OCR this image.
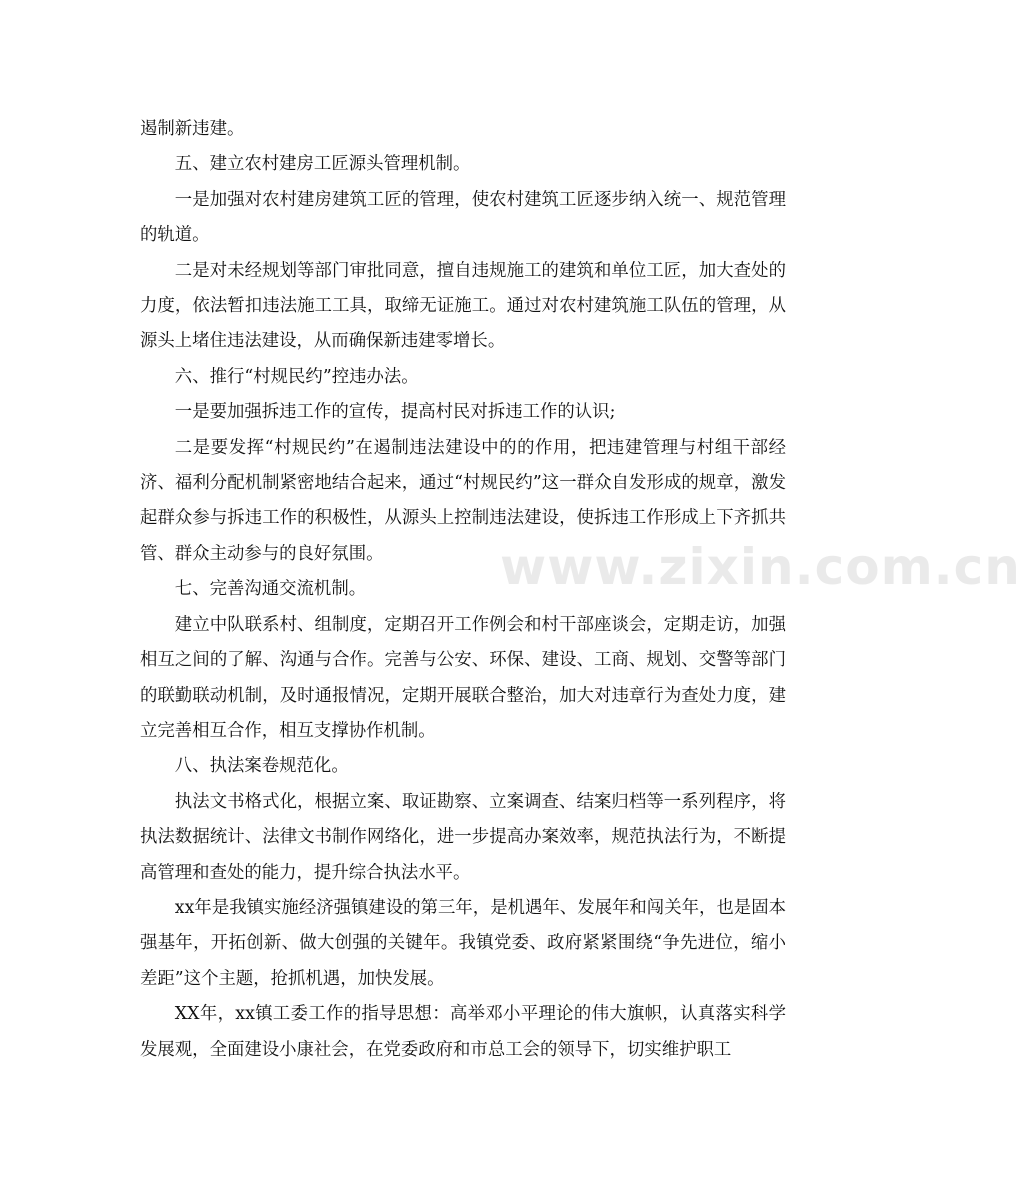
遏制新违建。

五、建立农村建房工匠源头管理机制。

一是加强对农村建房建筑工匠的管理，使农村建筑工匠逐步纳入统一、规范管理的轨道。

二是对未经规划等部门审批同意，擅自违规施工的建筑和单位工匠，加大查处的力度，依法暂扣违法施工工具，取缔无证施工。通过对农村建筑施工队伍的管理，从源头上堵住违法建设，从而确保新违建零增长。

六、推行“村规民约”控违办法。

一是要加强拆违工作的宣传，提高村民对拆违工作的认识;

二是要发挥“村规民约”在遏制违法建设中的的作用，把违建管理与村组干部经济、福利分配机制紧密地结合起来，通过“村规民约”这一群众自发形成的规章，激发起群众参与拆违工作的积极性，从源头上控制违法建设，使拆违工作形成上下齐抓共管、群众主动参与的良好氛围。

七、完善沟通交流机制。

建立中队联系村、组制度，定期召开工作例会和村干部座谈会，定期走访，加强相互之间的了解、沟通与合作。完善与公安、环保、建设、工商、规划、交警等部门的联勤联动机制，及时通报情况，定期开展联合整治，加大对违章行为查处力度，建立完善相互合作，相互支撑协作机制。

八、执法案卷规范化。

执法文书格式化，根据立案、取证勘察、立案调查、结案归档等一系列程序，将执法数据统计、法律文书制作网络化，进一步提高办案效率，规范执法行为，不断提高管理和查处的能力，提升综合执法水平。

xx年是我镇实施经济强镇建设的第三年，是机遇年、发展年和闯关年，也是固本强基年，开拓创新、做大创强的关键年。我镇党委、政府紧紧围绕“争先进位，缩小差距”这个主题，抢抓机遇，加快发展。

XX年，xx镇工委工作的指导思想：高举邓小平理论的伟大旗帜，认真落实科学发展观，全面建设小康社会，在党委政府和市总工会的领导下，切实维护职工

www.zixin.com.cn
